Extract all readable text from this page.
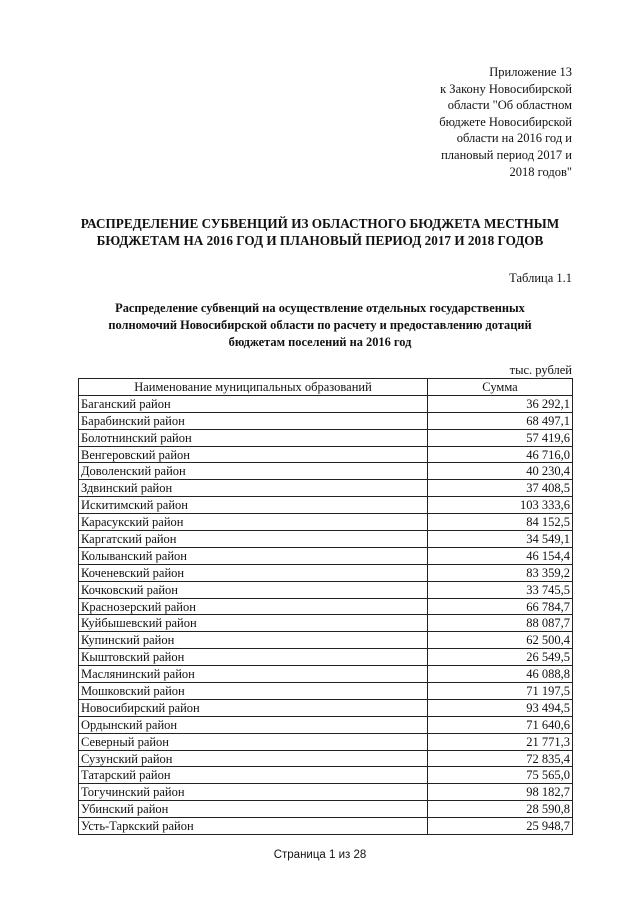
Приложение 13
к Закону Новосибирской
области "Об областном
бюджете Новосибирской
области на 2016 год и
плановый период 2017 и
2018 годов"
РАСПРЕДЕЛЕНИЕ СУБВЕНЦИЙ ИЗ ОБЛАСТНОГО БЮДЖЕТА МЕСТНЫМ
БЮДЖЕТАМ НА 2016 ГОД И ПЛАНОВЫЙ ПЕРИОД 2017 И 2018 ГОДОВ
Таблица 1.1
Распределение субвенций на осуществление отдельных государственных
полномочий Новосибирской области по расчету и предоставлению дотаций
бюджетам поселений на 2016 год
тыс. рублей
Наименование муниципальных образований	Сумма
Баганский район	36 292,1
Барабинский район	68 497,1
Болотнинский район	57 419,6
Венгеровский район	46 716,0
Доволенский район	40 230,4
Здвинский район	37 408,5
Искитимский район	103 333,6
Карасукский район	84 152,5
Каргатский район	34 549,1
Колыванский район	46 154,4
Коченевский район	83 359,2
Кочковский район	33 745,5
Краснозерский район	66 784,7
Куйбышевский район	88 087,7
Купинский район	62 500,4
Кыштовский район	26 549,5
Маслянинский район	46 088,8
Мошковский район	71 197,5
Новосибирский район	93 494,5
Ордынский район	71 640,6
Северный район	21 771,3
Сузунский район	72 835,4
Татарский район	75 565,0
Тогучинский район	98 182,7
Убинский район	28 590,8
Усть-Таркский район	25 948,7
Страница 1 из 28
